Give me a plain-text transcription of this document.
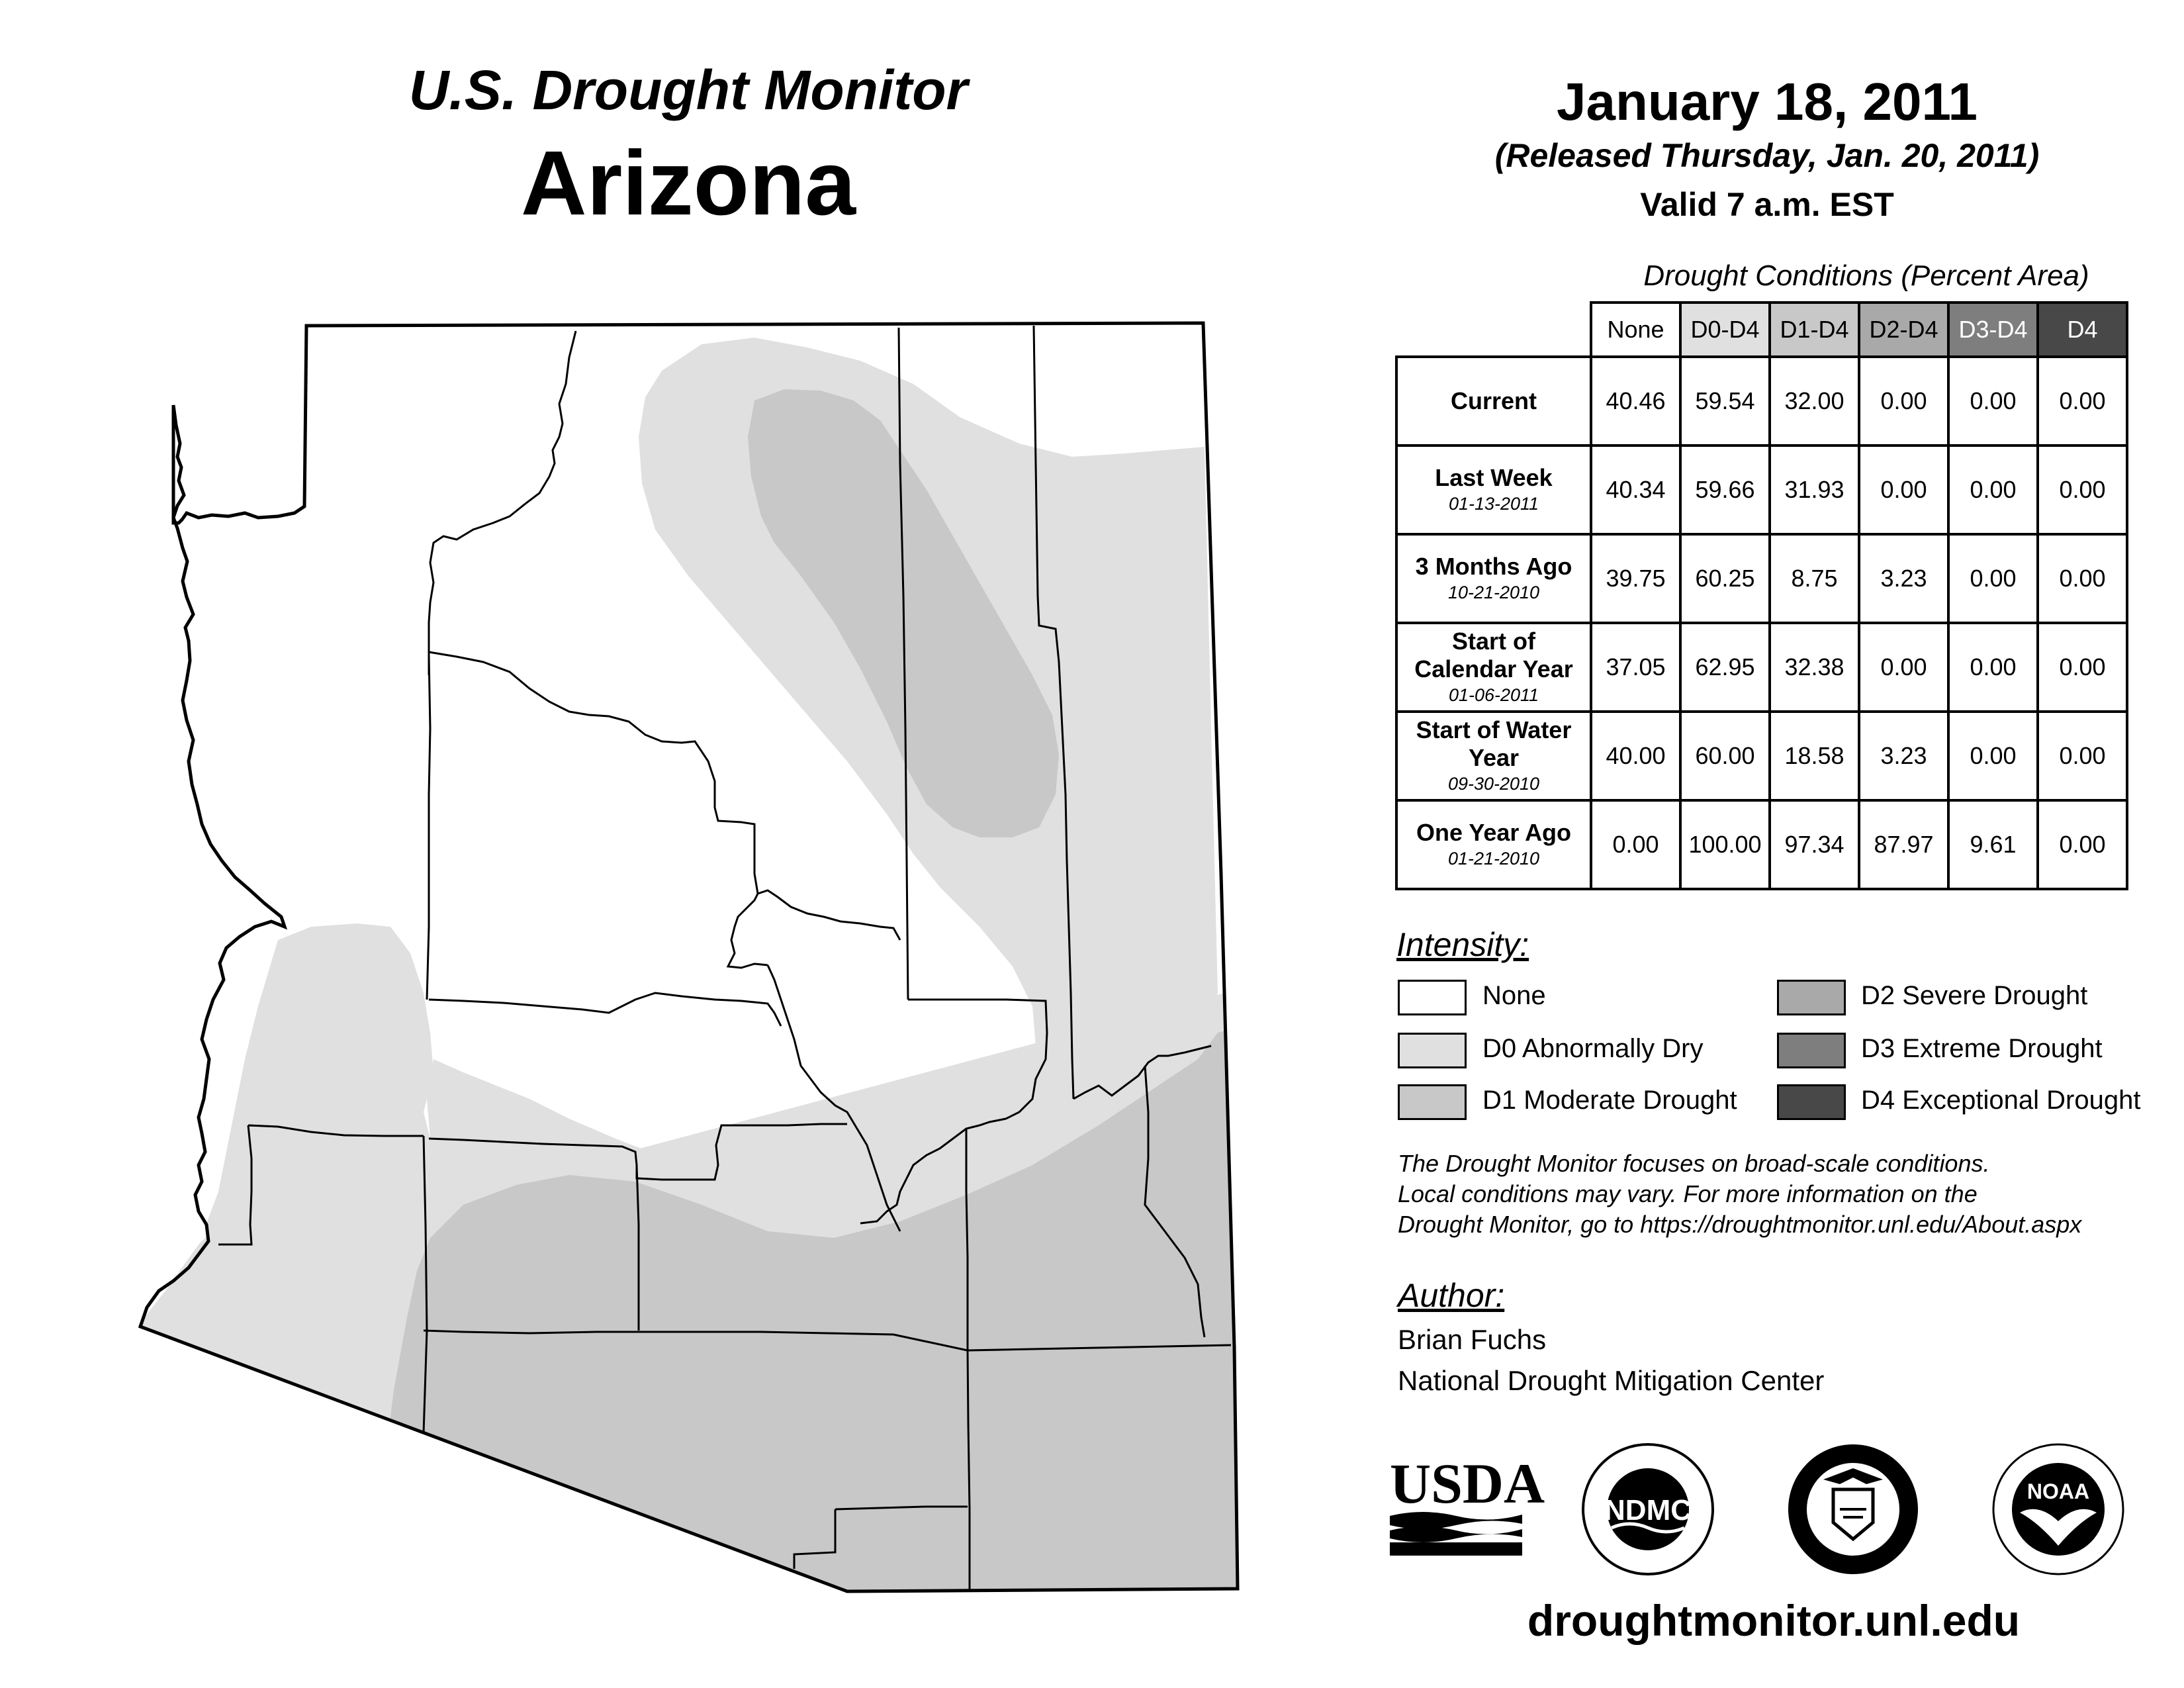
U.S. Drought Monitor
Arizona
January 18, 2011
(Released Thursday, Jan. 20, 2011)
Valid 7 a.m. EST
Drought Conditions (Percent Area)
	None	D0-D4	D1-D4	D2-D4	D3-D4	D4
Current	40.46	59.54	32.00	0.00	0.00	0.00
Last Week
01-13-2011	40.34	59.66	31.93	0.00	0.00	0.00
3 Months Ago
10-21-2010	39.75	60.25	8.75	3.23	0.00	0.00
Start of Calendar Year
01-06-2011	37.05	62.95	32.38	0.00	0.00	0.00
Start of Water Year
09-30-2010	40.00	60.00	18.58	3.23	0.00	0.00
One Year Ago
01-21-2010	0.00	100.00	97.34	87.97	9.61	0.00
Intensity:
None
D0 Abnormally Dry
D1 Moderate Drought
D2 Severe Drought
D3 Extreme Drought
D4 Exceptional Drought
The Drought Monitor focuses on broad-scale conditions.
Local conditions may vary. For more information on the
Drought Monitor, go to https://droughtmonitor.unl.edu/About.aspx
Author:
Brian Fuchs
National Drought Mitigation Center
USDA NDMC
NOAA
droughtmonitor.unl.edu
